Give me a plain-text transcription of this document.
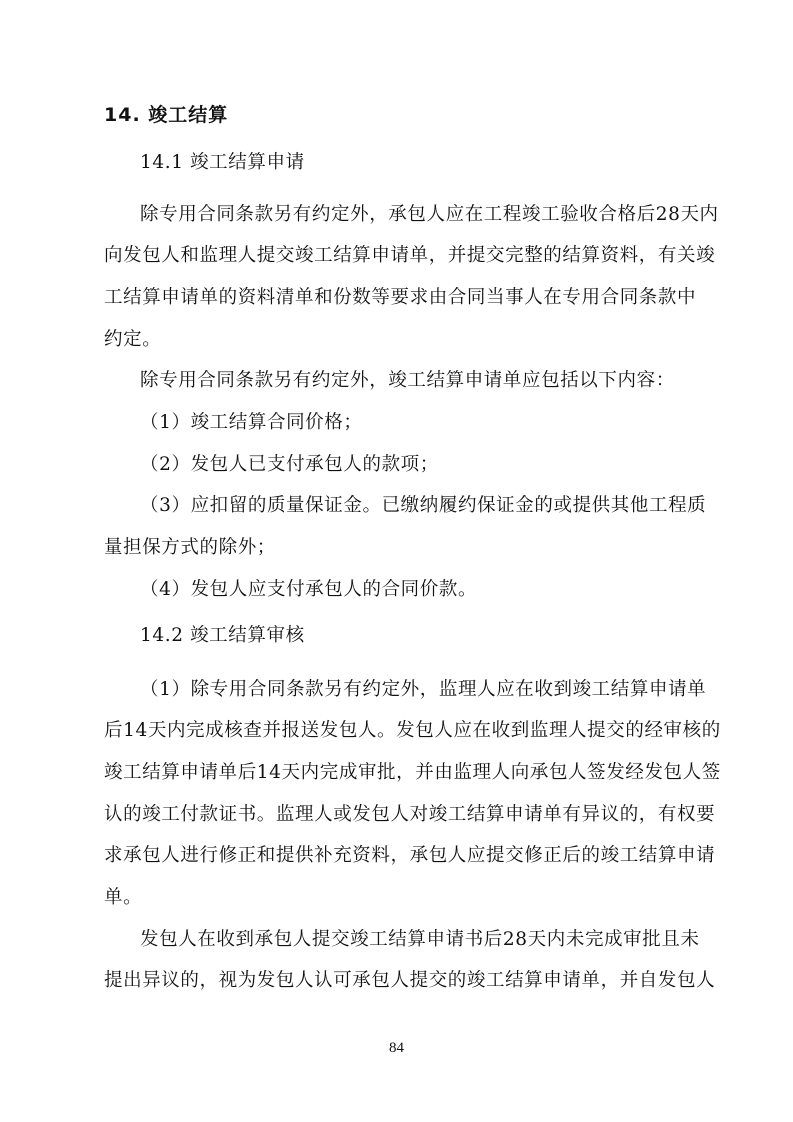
14. 竣工结算
14.1 竣工结算申请
除专用合同条款另有约定外，承包人应在工程竣工验收合格后28天内
向发包人和监理人提交竣工结算申请单，并提交完整的结算资料，有关竣
工结算申请单的资料清单和份数等要求由合同当事人在专用合同条款中
约定。
除专用合同条款另有约定外，竣工结算申请单应包括以下内容：
（1）竣工结算合同价格；
（2）发包人已支付承包人的款项；
（3）应扣留的质量保证金。已缴纳履约保证金的或提供其他工程质
量担保方式的除外；
（4）发包人应支付承包人的合同价款。
14.2 竣工结算审核
（1）除专用合同条款另有约定外，监理人应在收到竣工结算申请单
后14天内完成核查并报送发包人。发包人应在收到监理人提交的经审核的
竣工结算申请单后14天内完成审批，并由监理人向承包人签发经发包人签
认的竣工付款证书。监理人或发包人对竣工结算申请单有异议的，有权要
求承包人进行修正和提供补充资料，承包人应提交修正后的竣工结算申请
单。
发包人在收到承包人提交竣工结算申请书后28天内未完成审批且未
提出异议的，视为发包人认可承包人提交的竣工结算申请单，并自发包人
84
